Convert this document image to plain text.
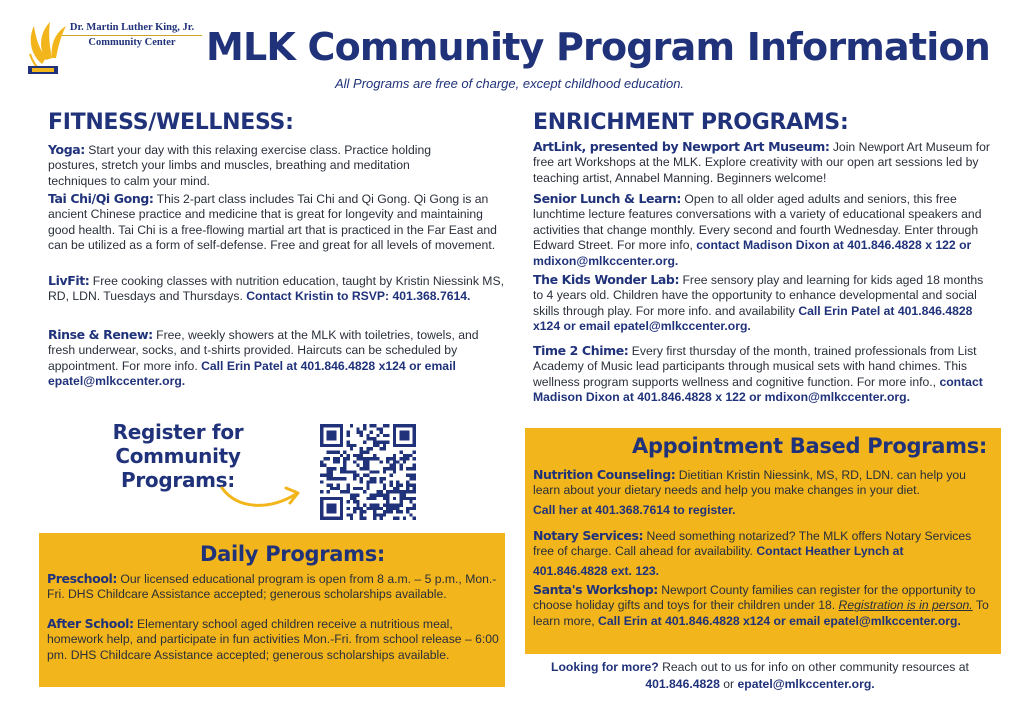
Dr. Martin Luther King, Jr.
Community Center MLK Community Program Information
All Programs are free of charge, except childhood education.
FITNESS/WELLNESS:
Yoga: Start your day with this relaxing exercise class. Practice holding postures, stretch your limbs and muscles, breathing and meditation techniques to calm your mind.
Tai Chi/Qi Gong: This 2-part class includes Tai Chi and Qi Gong. Qi Gong is an ancient Chinese practice and medicine that is great for longevity and maintaining good health. Tai Chi is a free-flowing martial art that is practiced in the Far East and can be utilized as a form of self-defense. Free and great for all levels of movement.
LivFit: Free cooking classes with nutrition education, taught by Kristin Niessink MS, RD, LDN. Tuesdays and Thursdays. Contact Kristin to RSVP: 401.368.7614.
Rinse & Renew: Free, weekly showers at the MLK with toiletries, towels, and fresh underwear, socks, and t-shirts provided. Haircuts can be scheduled by appointment. For more info. Call Erin Patel at 401.846.4828 x124 or email epatel@mlkccenter.org.
Register for
Community Programs:
Daily Programs:
Preschool: Our licensed educational program is open from 8 a.m. – 5 p.m., Mon.-Fri. DHS Childcare Assistance accepted; generous scholarships available.
After School: Elementary school aged children receive a nutritious meal, homework help, and participate in fun activities Mon.-Fri. from school release – 6:00 pm. DHS Childcare Assistance accepted; generous scholarships available.
ENRICHMENT PROGRAMS:
ArtLink, presented by Newport Art Museum: Join Newport Art Museum for free art Workshops at the MLK. Explore creativity with our open art sessions led by teaching artist, Annabel Manning. Beginners welcome!
Senior Lunch & Learn: Open to all older aged adults and seniors, this free lunchtime lecture features conversations with a variety of educational speakers and activities that change monthly. Every second and fourth Wednesday. Enter through Edward Street. For more info, contact Madison Dixon at 401.846.4828 x 122 or mdixon@mlkccenter.org.
The Kids Wonder Lab: Free sensory play and learning for kids aged 18 months to 4 years old. Children have the opportunity to enhance developmental and social skills through play. For more info. and availability Call Erin Patel at 401.846.4828 x124 or email epatel@mlkccenter.org.
Time 2 Chime: Every first thursday of the month, trained professionals from List Academy of Music lead participants through musical sets with hand chimes. This wellness program supports wellness and cognitive function. For more info., contact Madison Dixon at 401.846.4828 x 122 or mdixon@mlkccenter.org.
Appointment Based Programs:
Nutrition Counseling: Dietitian Kristin Niessink, MS, RD, LDN. can help you learn about your dietary needs and help you make changes in your diet.
Call her at 401.368.7614 to register.
Notary Services: Need something notarized? The MLK offers Notary Services free of charge. Call ahead for availability. Contact Heather Lynch at
401.846.4828 ext. 123.
Santa's Workshop: Newport County families can register for the opportunity to choose holiday gifts and toys for their children under 18. Registration is in person. To learn more, Call Erin at 401.846.4828 x124 or email epatel@mlkccenter.org.
Looking for more? Reach out to us for info on other community resources at 401.846.4828 or epatel@mlkccenter.org.
